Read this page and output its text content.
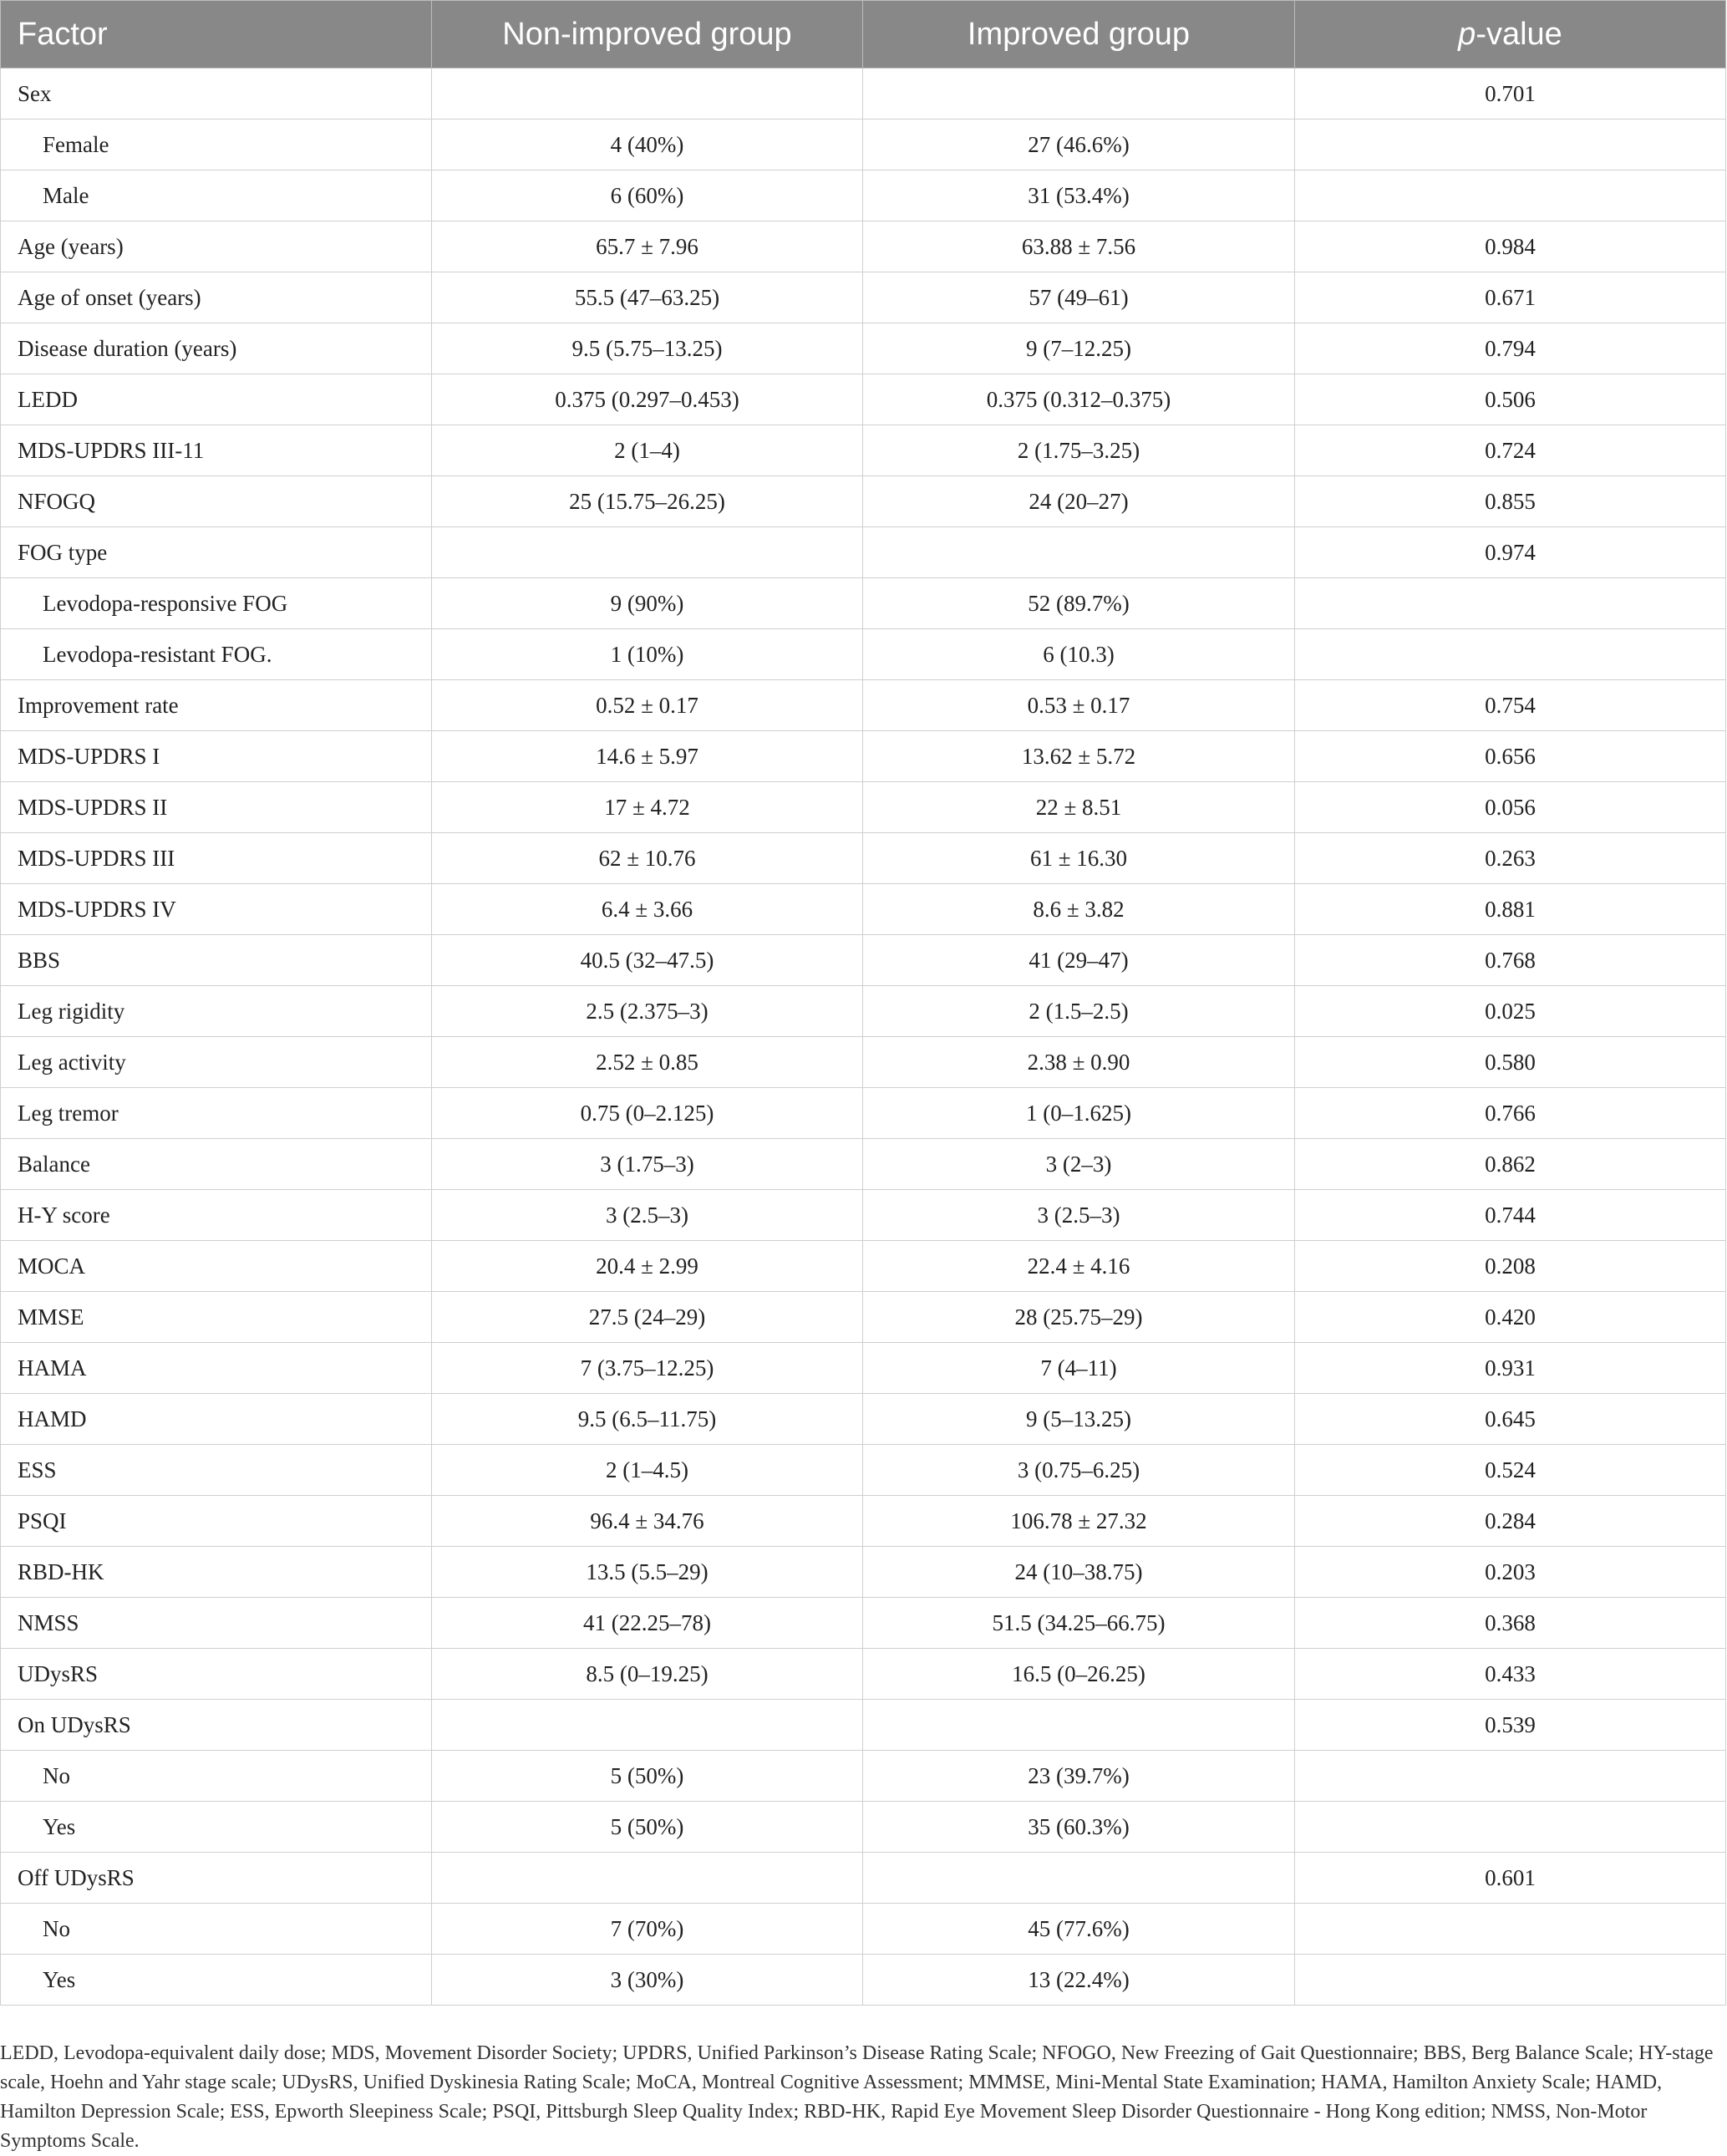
Factor	Non-improved group	Improved group	p-value
Sex			0.701
Female	4 (40%)	27 (46.6%)	
Male	6 (60%)	31 (53.4%)	
Age (years)	65.7 ± 7.96	63.88 ± 7.56	0.984
Age of onset (years)	55.5 (47–63.25)	57 (49–61)	0.671
Disease duration (years)	9.5 (5.75–13.25)	9 (7–12.25)	0.794
LEDD	0.375 (0.297–0.453)	0.375 (0.312–0.375)	0.506
MDS-UPDRS III-11	2 (1–4)	2 (1.75–3.25)	0.724
NFOGQ	25 (15.75–26.25)	24 (20–27)	0.855
FOG type			0.974
Levodopa-responsive FOG	9 (90%)	52 (89.7%)	
Levodopa-resistant FOG.	1 (10%)	6 (10.3)	
Improvement rate	0.52 ± 0.17	0.53 ± 0.17	0.754
MDS-UPDRS I	14.6 ± 5.97	13.62 ± 5.72	0.656
MDS-UPDRS II	17 ± 4.72	22 ± 8.51	0.056
MDS-UPDRS III	62 ± 10.76	61 ± 16.30	0.263
MDS-UPDRS IV	6.4 ± 3.66	8.6 ± 3.82	0.881
BBS	40.5 (32–47.5)	41 (29–47)	0.768
Leg rigidity	2.5 (2.375–3)	2 (1.5–2.5)	0.025
Leg activity	2.52 ± 0.85	2.38 ± 0.90	0.580
Leg tremor	0.75 (0–2.125)	1 (0–1.625)	0.766
Balance	3 (1.75–3)	3 (2–3)	0.862
H-Y score	3 (2.5–3)	3 (2.5–3)	0.744
MOCA	20.4 ± 2.99	22.4 ± 4.16	0.208
MMSE	27.5 (24–29)	28 (25.75–29)	0.420
HAMA	7 (3.75–12.25)	7 (4–11)	0.931
HAMD	9.5 (6.5–11.75)	9 (5–13.25)	0.645
ESS	2 (1–4.5)	3 (0.75–6.25)	0.524
PSQI	96.4 ± 34.76	106.78 ± 27.32	0.284
RBD-HK	13.5 (5.5–29)	24 (10–38.75)	0.203
NMSS	41 (22.25–78)	51.5 (34.25–66.75)	0.368
UDysRS	8.5 (0–19.25)	16.5 (0–26.25)	0.433
On UDysRS			0.539
No	5 (50%)	23 (39.7%)	
Yes	5 (50%)	35 (60.3%)	
Off UDysRS			0.601
No	7 (70%)	45 (77.6%)	
Yes	3 (30%)	13 (22.4%)	
LEDD, Levodopa-equivalent daily dose; MDS, Movement Disorder Society; UPDRS, Unified Parkinson’s Disease Rating Scale; NFOGO, New Freezing of Gait Questionnaire; BBS, Berg Balance Scale; HY-stage scale, Hoehn and Yahr stage scale; UDysRS, Unified Dyskinesia Rating Scale; MoCA, Montreal Cognitive Assessment; MMMSE, Mini-Mental State Examination; HAMA, Hamilton Anxiety Scale; HAMD, Hamilton Depression Scale; ESS, Epworth Sleepiness Scale; PSQI, Pittsburgh Sleep Quality Index; RBD-HK, Rapid Eye Movement Sleep Disorder Questionnaire - Hong Kong edition; NMSS, Non-Motor Symptoms Scale.
